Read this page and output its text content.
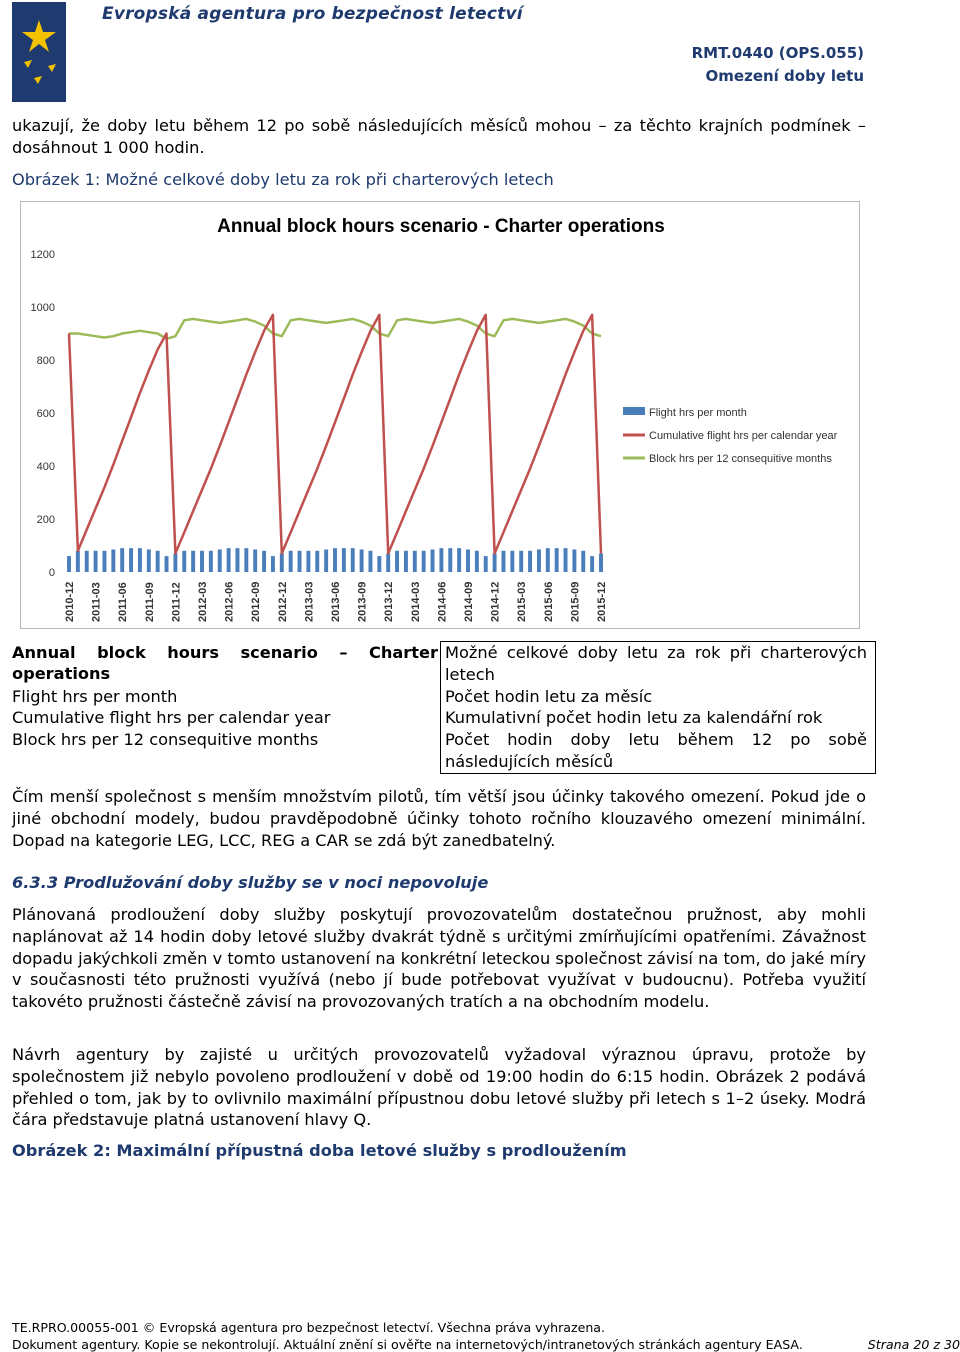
Evropská agentura pro bezpečnost letectví
RMT.0440 (OPS.055)
Omezení doby letu
ukazují, že doby letu během 12 po sobě následujících měsíců mohou – za těchto krajních podmínek – dosáhnout 1 000 hodin.
Obrázek 1: Možné celkové doby letu za rok při charterových letech
Annual block hours scenario - Charter operations
0
200
400
600
800
1000
1200
2010-12 2011-03 2011-06 2011-09 2011-12 2012-03 2012-06 2012-09 2012-12 2013-03 2013-06 2013-09 2013-12 2014-03 2014-06 2014-09 2014-12 2015-03 2015-06 2015-09 2015-12
Flight hrs per month
Cumulative flight hrs per calendar year
Block hrs per 12 consequitive months
Annual block hours scenario – Charter operations	Možné celkové doby letu za rok při charterových letech
Flight hrs per month	Počet hodin letu za měsíc
Cumulative flight hrs per calendar year	Kumulativní počet hodin letu za kalendářní rok
Block hrs per 12 consequitive months	Počet hodin doby letu během 12 po sobě následujících měsíců
Čím menší společnost s menším množstvím pilotů, tím větší jsou účinky takového omezení. Pokud jde o jiné obchodní modely, budou pravděpodobně účinky tohoto ročního klouzavého omezení minimální. Dopad na kategorie LEG, LCC, REG a CAR se zdá být zanedbatelný.
6.3.3 Prodlužování doby služby se v noci nepovoluje
Plánovaná prodloužení doby služby poskytují provozovatelům dostatečnou pružnost, aby mohli naplánovat až 14 hodin doby letové služby dvakrát týdně s určitými zmírňujícími opatřeními. Závažnost dopadu jakýchkoli změn v tomto ustanovení na konkrétní leteckou společnost závisí na tom, do jaké míry v současnosti této pružnosti využívá (nebo jí bude potřebovat využívat v budoucnu). Potřeba využití takovéto pružnosti částečně závisí na provozovaných tratích a na obchodním modelu.
Návrh agentury by zajisté u určitých provozovatelů vyžadoval výraznou úpravu, protože by společnostem již nebylo povoleno prodloužení v době od 19:00 hodin do 6:15 hodin. Obrázek 2 podává přehled o tom, jak by to ovlivnilo maximální přípustnou dobu letové služby při letech s 1–2 úseky. Modrá čára představuje platná ustanovení hlavy Q.
Obrázek 2: Maximální přípustná doba letové služby s prodloužením
TE.RPRO.00055-001 © Evropská agentura pro bezpečnost letectví. Všechna práva vyhrazena.
Dokument agentury. Kopie se nekontrolují. Aktuální znění si ověřte na internetových/intranetových stránkách agentury EASA.	Strana 20 z 30
